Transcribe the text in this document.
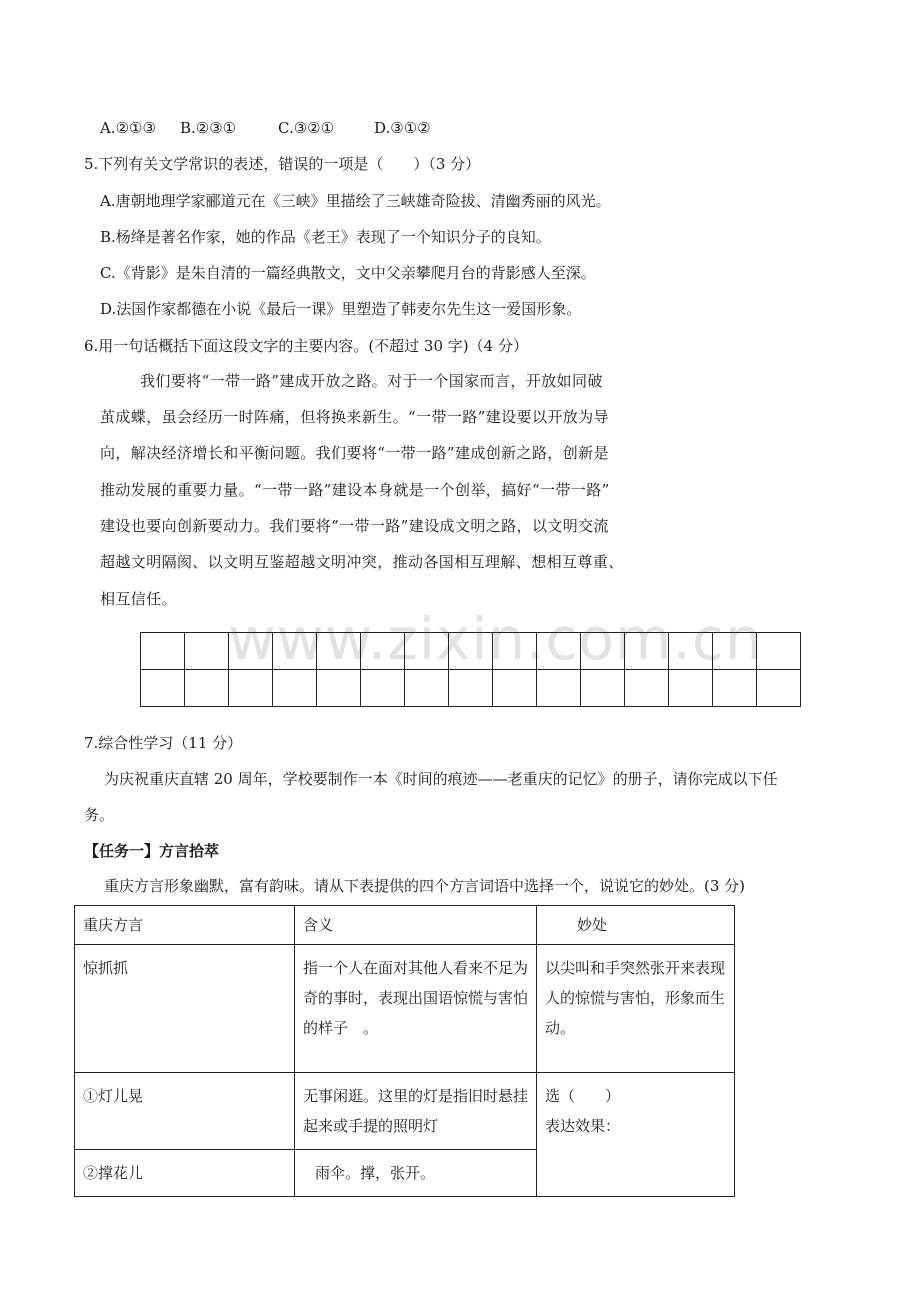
www.zixin.com.cn
A.②①③ B.②③①	C.③②①	D.③①②
5.下列有关文学常识的表述，错误的一项是（　　）（3 分）
A.唐朝地理学家郦道元在《三峡》里描绘了三峡雄奇险拔、清幽秀丽的风光。
B.杨绛是著名作家，她的作品《老王》表现了一个知识分子的良知。
C.《背影》是朱自清的一篇经典散文，文中父亲攀爬月台的背影感人至深。
D.法国作家都德在小说《最后一课》里塑造了韩麦尔先生这一爱国形象。
6.用一句话概括下面这段文字的主要内容。(不超过 30 字)（4 分）
我们要将“一带一路”建成开放之路。对于一个国家而言，开放如同破
茧成蝶，虽会经历一时阵痛，但将换来新生。“一带一路”建设要以开放为导
向，解决经济增长和平衡问题。我们要将“一带一路”建成创新之路，创新是
推动发展的重要力量。“一带一路”建设本身就是一个创举，搞好“一带一路”
建设也要向创新要动力。我们要将“一带一路”建设成文明之路，以文明交流
超越文明隔阂、以文明互鉴超越文明冲突，推动各国相互理解、想相互尊重、
相互信任。
7.综合性学习（11 分）
为庆祝重庆直辖 20 周年，学校要制作一本《时间的痕迹——老重庆的记忆》的册子，请你完成以下任
务。
【任务一】方言拾萃
重庆方言形象幽默，富有韵味。请从下表提供的四个方言词语中选择一个，说说它的妙处。(3 分)
重庆方言	含义	妙处
惊抓抓	指一个人在面对其他人看来不足为奇的事时，表现出国语惊慌与害怕的样子　。	以尖叫和手突然张开来表现人的惊慌与害怕，形象而生动。
①灯儿晃	无事闲逛。这里的灯是指旧时悬挂起来或手提的照明灯	选（　　）
表达效果：

②撑花儿	雨伞。撑，张开。	
